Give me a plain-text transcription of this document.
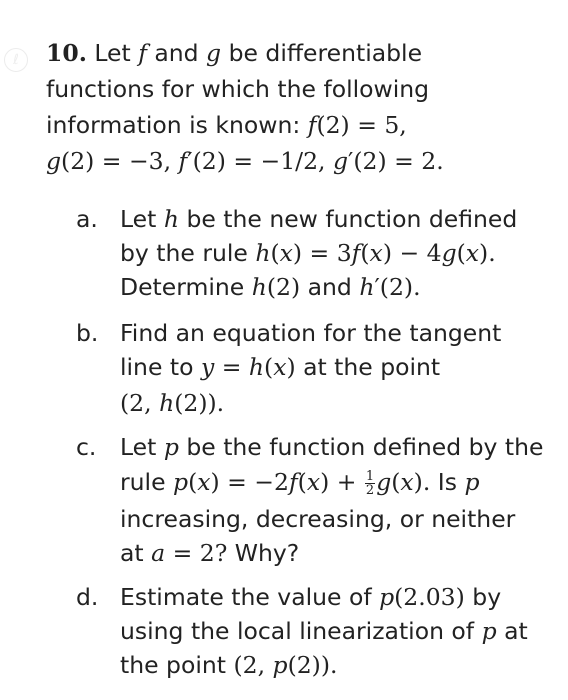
ℓ	10. Let f and g be differentiable
functions for which the following
information is known: f(2) = 5,
g(2) = −3, f′(2) = −1/2, g′(2) = 2.
a. Let h be the new function defined
by the rule h(x) = 3f(x) − 4g(x).
Determine h(2) and h′(2).
b. Find an equation for the tangent
line to y = h(x) at the point
(2, h(2)).
c. Let p be the function defined by the
rule $p(x) = -2f(x) + \frac{1}{2} g(x)$. Is p
increasing, decreasing, or neither
at a = 2? Why?
d. Estimate the value of p(2.03) by
using the local linearization of p at
the point (2, p(2)).
